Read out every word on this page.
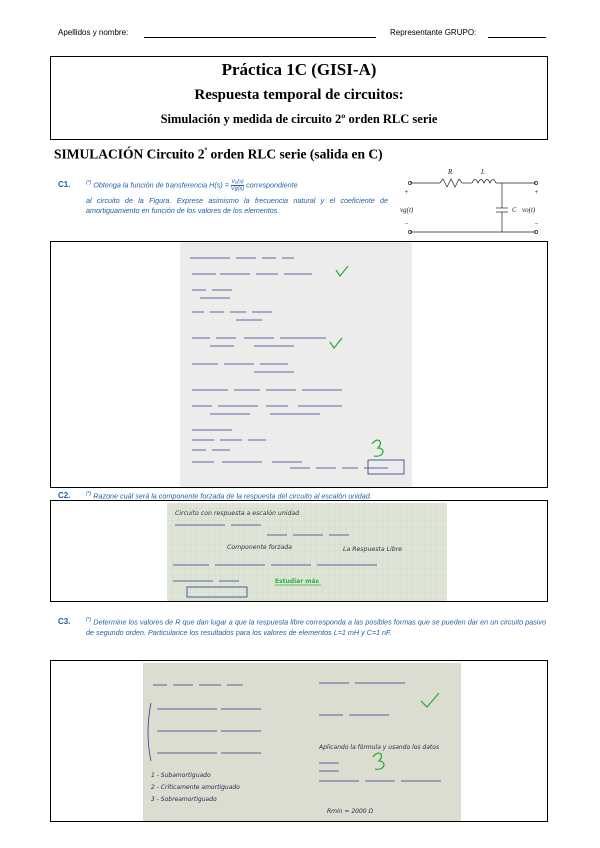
Apellidos y nombre:	Representante GRUPO:
Práctica 1C (GISI-A)
Respuesta temporal de circuitos:
Simulación y medida de circuito 2º orden RLC serie
SIMULACIÓN Circuito $2^º$ orden RLC serie (salida en C)
C1.	(*) Obtenga la función de transferencia $H(s) = \frac{\text{V₀(s)}}{Vg(s)}$ correspondiente
al circuito de la Figura. Exprese asimismo la frecuencia natural y el coeficiente de amortiguamiento en función de los valores de los elementos.
R	L
C
vg(t)	vo(t)
+
−
+
−
C2.	(*) Razone cuál será la componente forzada de la respuesta del circuito al escalón unidad.
Circuito con respuesta a escalón unidad
Componente forzada	La Respuesta Libre
Estudiar más
C3.	(*) Determine los valores de R que dan lugar a que la respuesta libre corresponda a las posibles formas que se pueden dar en un circuito pasivo de segundo orden. Particularice los resultados para los valores de elementos L=1 mH y C=1 nF.
Aplicando la fórmula y usando los datos
1 - Subamortiguado
2 - Críticamente amortiguado
3 - Sobreamortiguado
Rmin = 2000 Ω
